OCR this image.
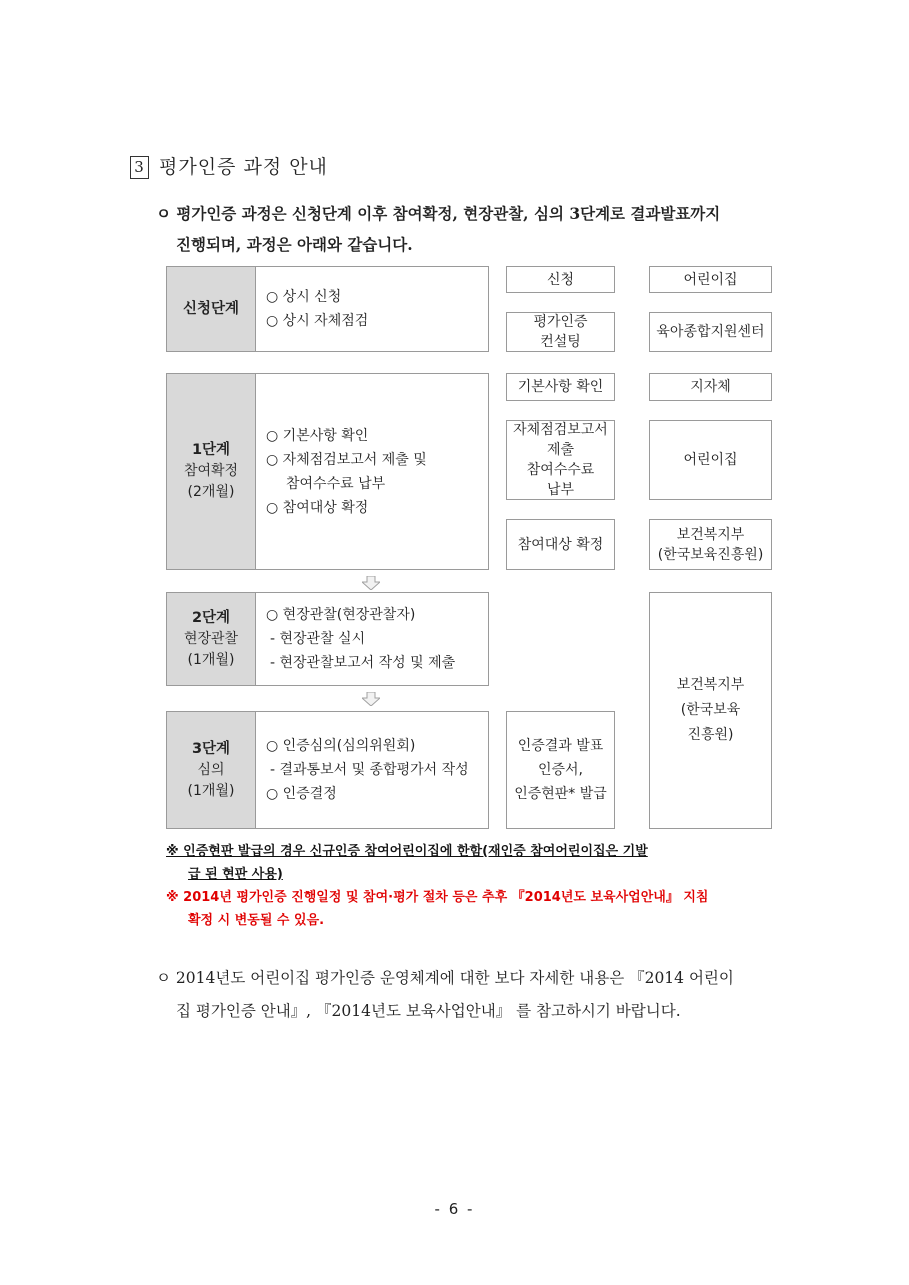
3 평가인증 과정 안내
ㅇ 평가인증 과정은 신청단계 이후 참여확정, 현장관찰, 심의 3단계로 결과발표까지
진행되며, 과정은 아래와 같습니다.
신청단계
○ 상시 신청
○ 상시 자체점검
1단계
참여확정
(2개월)
○ 기본사항 확인
○ 자체점검보고서 제출 및
참여수수료 납부
○ 참여대상 확정
2단계
현장관찰
(1개월)
○ 현장관찰(현장관찰자)
- 현장관찰 실시
- 현장관찰보고서 작성 및 제출
3단계
심의
(1개월)
○ 인증심의(심의위원회)
- 결과통보서 및 종합평가서 작성
○ 인증결정
신청
평가인증
컨설팅
기본사항 확인
자체점검보고서
제출
참여수수료
납부
참여대상 확정
인증결과 발표
인증서,
인증현판* 발급
어린이집
육아종합지원센터
지자체
어린이집
보건복지부
(한국보육진흥원)
보건복지부
(한국보육
진흥원)
※ 인증현판 발급의 경우 신규인증 참여어린이집에 한함(재인증 참여어린이집은 기발
급 된 현판 사용)
※ 2014년 평가인증 진행일정 및 참여·평가 절차 등은 추후 『2014년도 보육사업안내』 지침
확정 시 변동될 수 있음.
ㅇ 2014년도 어린이집 평가인증 운영체계에 대한 보다 자세한 내용은 『2014 어린이
집 평가인증 안내』, 『2014년도 보육사업안내』 를 참고하시기 바랍니다.
- 6 -
